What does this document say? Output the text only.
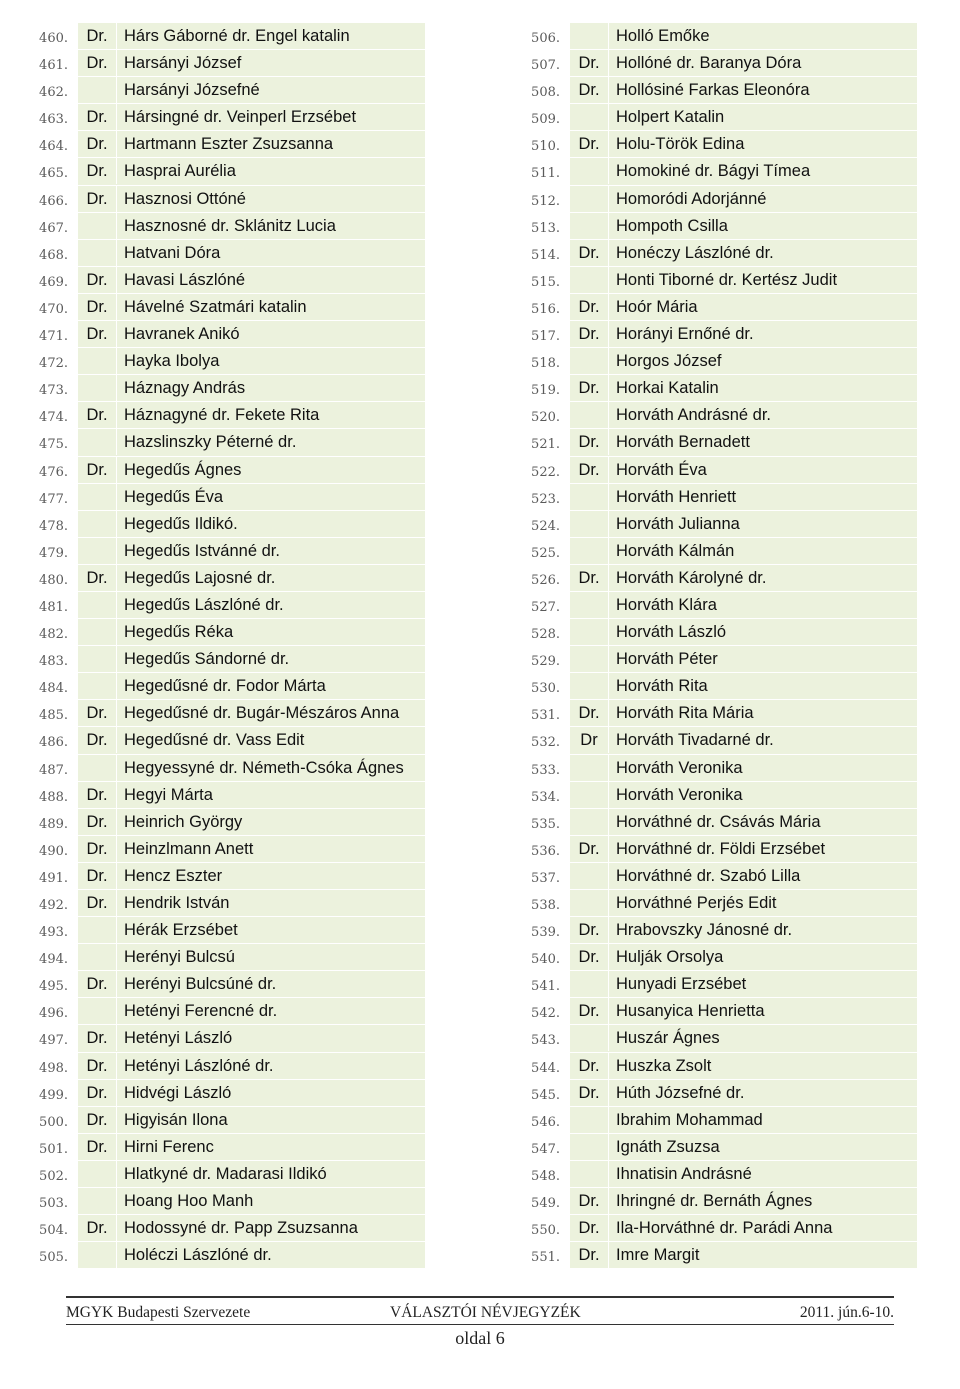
460.	Dr. Hárs Gáborné dr. Engel katalin
461.	Dr. Harsányi József
462.	Harsányi Józsefné
463.	Dr. Hársingné dr. Veinperl Erzsébet
464.	Dr. Hartmann Eszter Zsuzsanna
465.	Dr. Hasprai Aurélia
466.	Dr. Hasznosi Ottóné
467.	Hasznosné dr. Sklánitz Lucia
468.	Hatvani Dóra
469.	Dr. Havasi Lászlóné
470.	Dr. Hávelné Szatmári katalin
471.	Dr. Havranek Anikó
472.	Hayka Ibolya
473.	Háznagy András
474.	Dr. Háznagyné dr. Fekete Rita
475.	Hazslinszky Péterné dr.
476.	Dr. Hegedűs Ágnes
477.	Hegedűs Éva
478.	Hegedűs Ildikó.
479.	Hegedűs Istvánné dr.
480.	Dr. Hegedűs Lajosné dr.
481.	Hegedűs Lászlóné dr.
482.	Hegedűs Réka
483.	Hegedűs Sándorné dr.
484.	Hegedűsné dr. Fodor Márta
485.	Dr. Hegedűsné dr. Bugár-Mészáros Anna
486.	Dr. Hegedűsné dr. Vass Edit
487.	Hegyessyné dr. Németh-Csóka Ágnes
488.	Dr. Hegyi Márta
489.	Dr. Heinrich György
490.	Dr. Heinzlmann Anett
491.	Dr. Hencz Eszter
492.	Dr. Hendrik István
493.	Hérák Erzsébet
494.	Herényi Bulcsú
495.	Dr. Herényi Bulcsúné dr.
496.	Hetényi Ferencné dr.
497.	Dr. Hetényi László
498.	Dr. Hetényi Lászlóné dr.
499.	Dr. Hidvégi László
500.	Dr. Higyisán Ilona
501.	Dr. Hirni Ferenc
502.	Hlatkyné dr. Madarasi Ildikó
503.	Hoang Hoo Manh
504.	Dr. Hodossyné dr. Papp Zsuzsanna
505.	Holéczi Lászlóné dr.
506.	Holló Emőke
507.	Dr. Hollóné dr. Baranya Dóra
508.	Dr. Hollósiné Farkas Eleonóra
509.	Holpert Katalin
510.	Dr. Holu-Török Edina
511.	Homokiné dr. Bágyi Tímea
512.	Homoródi Adorjánné
513.	Hompoth Csilla
514.	Dr. Honéczy Lászlóné dr.
515.	Honti Tiborné dr. Kertész Judit
516.	Dr. Hoór Mária
517.	Dr. Horányi Ernőné dr.
518.	Horgos József
519.	Dr. Horkai Katalin
520.	Horváth Andrásné dr.
521.	Dr. Horváth Bernadett
522.	Dr. Horváth Éva
523.	Horváth Henriett
524.	Horváth Julianna
525.	Horváth Kálmán
526.	Dr. Horváth Károlyné dr.
527.	Horváth Klára
528.	Horváth László
529.	Horváth Péter
530.	Horváth Rita
531.	Dr. Horváth Rita Mária
532.	Dr	Horváth Tivadarné dr.
533.	Horváth Veronika
534.	Horváth Veronika
535.	Horváthné dr. Csávás Mária
536.	Dr. Horváthné dr. Földi Erzsébet
537.	Horváthné dr. Szabó Lilla
538.	Horváthné Perjés Edit
539.	Dr. Hrabovszky Jánosné dr.
540.	Dr. Hulják Orsolya
541.	Hunyadi Erzsébet
542.	Dr. Husanyica Henrietta
543.	Huszár Ágnes
544.	Dr. Huszka Zsolt
545.	Dr. Húth Józsefné dr.
546.	Ibrahim Mohammad
547.	Ignáth Zsuzsa
548.	Ihnatisin Andrásné
549.	Dr. Ihringné dr. Bernáth Ágnes
550.	Dr. Ila-Horváthné dr. Parádi Anna
551.	Dr. Imre Margit
MGYK Budapesti Szervezete	VÁLASZTÓI NÉVJEGYZÉK	2011. jún.6-10.
oldal 6
